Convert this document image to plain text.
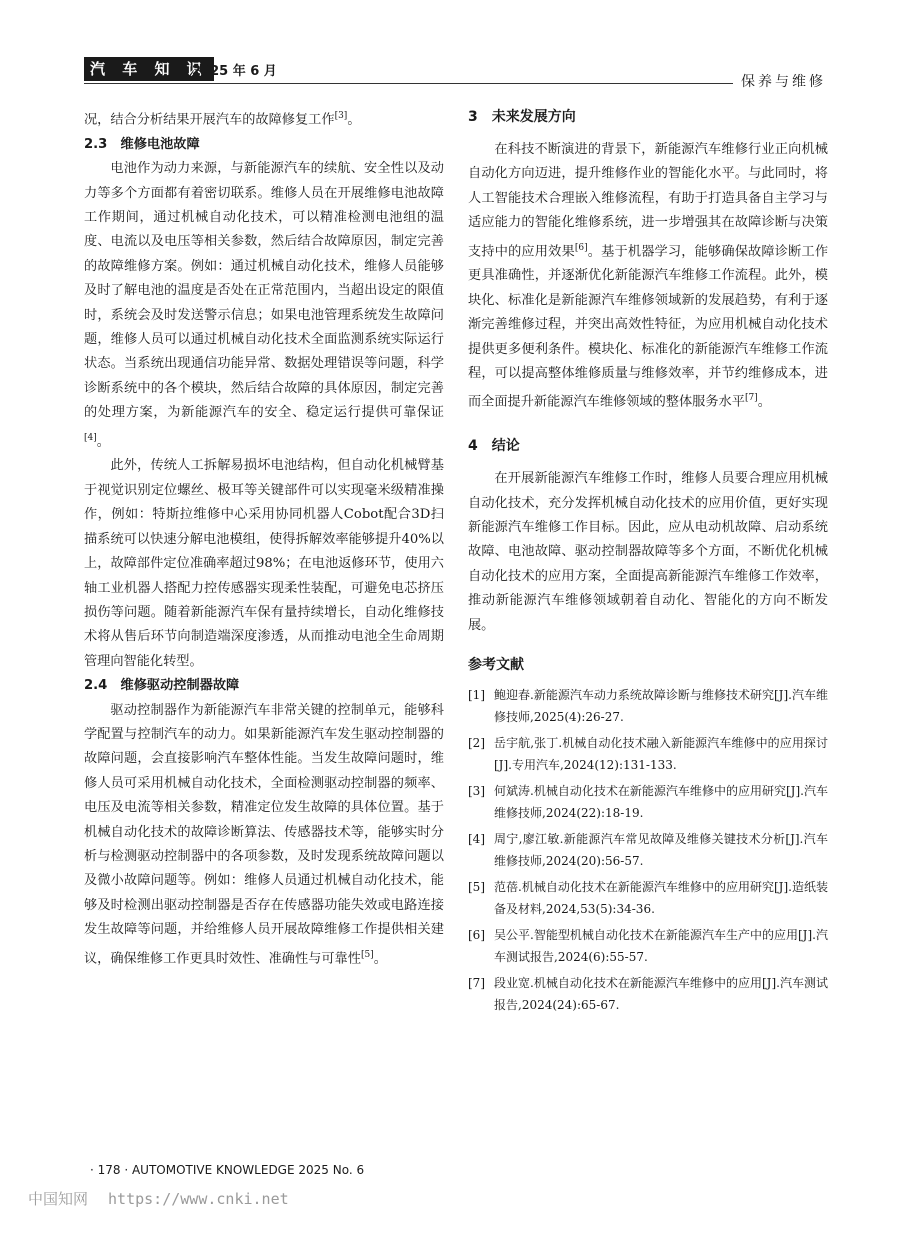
汽 车 知 识
2025 年 6 月
保养与维修

况，结合分析结果开展汽车的故障修复工作[3]。

2.3　维修电池故障

电池作为动力来源，与新能源汽车的续航、安全性以及动力等多个方面都有着密切联系。维修人员在开展维修电池故障工作期间，通过机械自动化技术，可以精准检测电池组的温度、电流以及电压等相关参数，然后结合故障原因，制定完善的故障维修方案。例如：通过机械自动化技术，维修人员能够及时了解电池的温度是否处在正常范围内，当超出设定的限值时，系统会及时发送警示信息；如果电池管理系统发生故障问题，维修人员可以通过机械自动化技术全面监测系统实际运行状态。当系统出现通信功能异常、数据处理错误等问题，科学诊断系统中的各个模块，然后结合故障的具体原因，制定完善的处理方案，为新能源汽车的安全、稳定运行提供可靠保证[4]。

此外，传统人工拆解易损坏电池结构，但自动化机械臂基于视觉识别定位螺丝、极耳等关键部件可以实现毫米级精准操作，例如：特斯拉维修中心采用协同机器人Cobot配合3D扫描系统可以快速分解电池模组，使得拆解效率能够提升40%以上，故障部件定位准确率超过98%；在电池返修环节，使用六轴工业机器人搭配力控传感器实现柔性装配，可避免电芯挤压损伤等问题。随着新能源汽车保有量持续增长，自动化维修技术将从售后环节向制造端深度渗透，从而推动电池全生命周期管理向智能化转型。

2.4　维修驱动控制器故障

驱动控制器作为新能源汽车非常关键的控制单元，能够科学配置与控制汽车的动力。如果新能源汽车发生驱动控制器的故障问题，会直接影响汽车整体性能。当发生故障问题时，维修人员可采用机械自动化技术，全面检测驱动控制器的频率、电压及电流等相关参数，精准定位发生故障的具体位置。基于机械自动化技术的故障诊断算法、传感器技术等，能够实时分析与检测驱动控制器中的各项参数，及时发现系统故障问题以及微小故障问题等。例如：维修人员通过机械自动化技术，能够及时检测出驱动控制器是否存在传感器功能失效或电路连接发生故障等问题，并给维修人员开展故障维修工作提供相关建议，确保维修工作更具时效性、准确性与可靠性[5]。

3　未来发展方向

在科技不断演进的背景下，新能源汽车维修行业正向机械自动化方向迈进，提升维修作业的智能化水平。与此同时，将人工智能技术合理嵌入维修流程，有助于打造具备自主学习与适应能力的智能化维修系统，进一步增强其在故障诊断与决策支持中的应用效果[6]。基于机器学习，能够确保故障诊断工作更具准确性，并逐渐优化新能源汽车维修工作流程。此外，模块化、标准化是新能源汽车维修领域新的发展趋势，有利于逐渐完善维修过程，并突出高效性特征，为应用机械自动化技术提供更多便利条件。模块化、标准化的新能源汽车维修工作流程，可以提高整体维修质量与维修效率，并节约维修成本，进而全面提升新能源汽车维修领域的整体服务水平[7]。

4　结论

在开展新能源汽车维修工作时，维修人员要合理应用机械自动化技术，充分发挥机械自动化技术的应用价值，更好实现新能源汽车维修工作目标。因此，应从电动机故障、启动系统故障、电池故障、驱动控制器故障等多个方面，不断优化机械自动化技术的应用方案，全面提高新能源汽车维修工作效率，推动新能源汽车维修领域朝着自动化、智能化的方向不断发展。

参考文献
[1] 鲍迎春.新能源汽车动力系统故障诊断与维修技术研究[J].汽车维修技师,2025(4):26-27.
[2] 岳宇航,张丁.机械自动化技术融入新能源汽车维修中的应用探讨[J].专用汽车,2024(12):131-133.
[3] 何斌涛.机械自动化技术在新能源汽车维修中的应用研究[J].汽车维修技师,2024(22):18-19.
[4] 周宁,廖江敏.新能源汽车常见故障及维修关键技术分析[J].汽车维修技师,2024(20):56-57.
[5] 范蓓.机械自动化技术在新能源汽车维修中的应用研究[J].造纸装备及材料,2024,53(5):34-36.
[6] 吴公平.智能型机械自动化技术在新能源汽车生产中的应用[J].汽车测试报告,2024(6):55-57.
[7] 段业宽.机械自动化技术在新能源汽车维修中的应用[J].汽车测试报告,2024(24):65-67.
· 178 · AUTOMOTIVE KNOWLEDGE 2025 No. 6
中国知网 https://www.cnki.net
